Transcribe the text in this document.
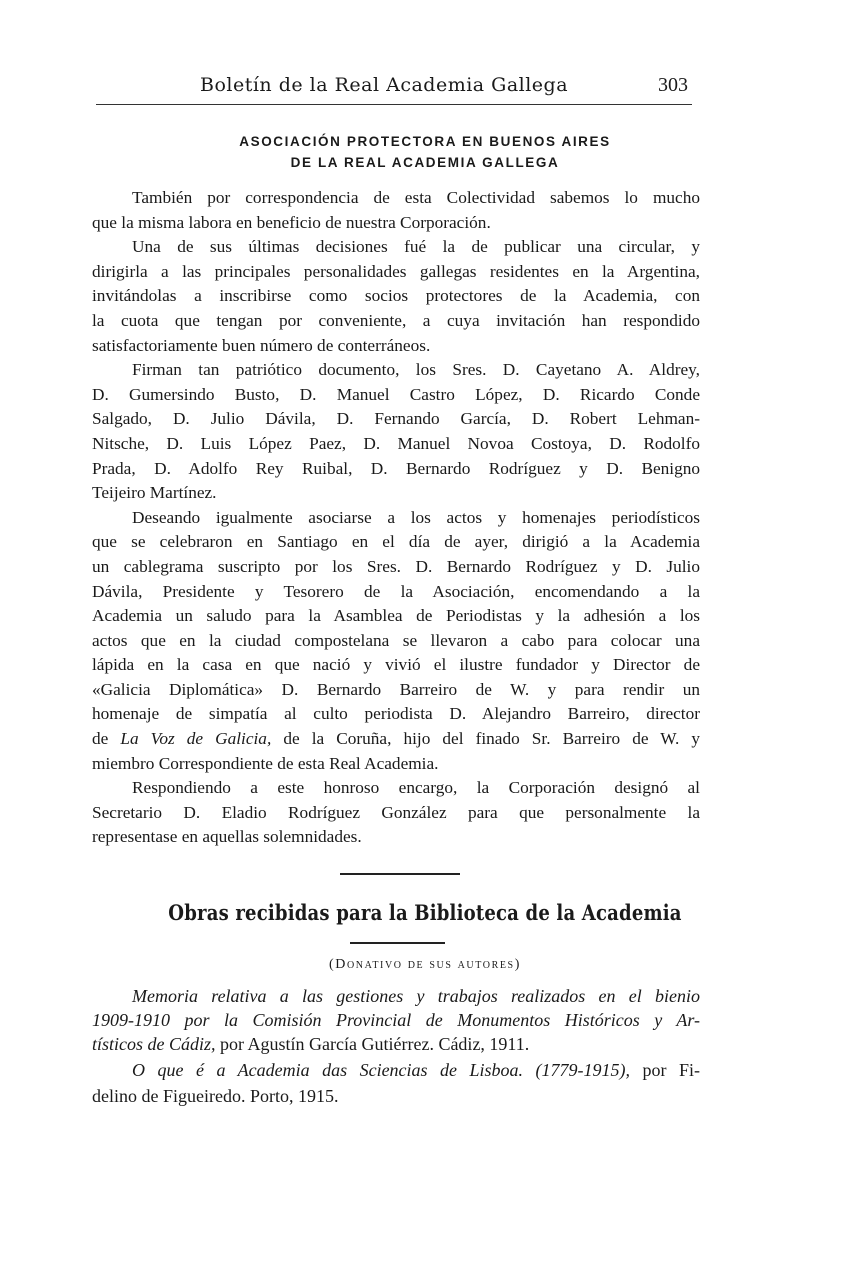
Boletín de la Real Academia Gallega	303
ASOCIACIÓN PROTECTORA EN BUENOS AIRES
DE LA REAL ACADEMIA GALLEGA
También por correspondencia de esta Colectividad sabemos lo mucho
que la misma labora en beneficio de nuestra Corporación.
Una de sus últimas decisiones fué la de publicar una circular, y
dirigirla a las principales personalidades gallegas residentes en la Argentina,
invitándolas a inscribirse como socios protectores de la Academia, con
la cuota que tengan por conveniente, a cuya invitación han respondido
satisfactoriamente buen número de conterráneos.
Firman tan patriótico documento, los Sres. D. Cayetano A. Aldrey,
D. Gumersindo Busto, D. Manuel Castro López, D. Ricardo Conde
Salgado, D. Julio Dávila, D. Fernando García, D. Robert Lehman-
Nitsche, D. Luis López Paez, D. Manuel Novoa Costoya, D. Rodolfo
Prada, D. Adolfo Rey Ruibal, D. Bernardo Rodríguez y D. Benigno
Teijeiro Martínez.
Deseando igualmente asociarse a los actos y homenajes periodísticos
que se celebraron en Santiago en el día de ayer, dirigió a la Academia
un cablegrama suscripto por los Sres. D. Bernardo Rodríguez y D. Julio
Dávila, Presidente y Tesorero de la Asociación, encomendando a la
Academia un saludo para la Asamblea de Periodistas y la adhesión a los
actos que en la ciudad compostelana se llevaron a cabo para colocar una
lápida en la casa en que nació y vivió el ilustre fundador y Director de
«Galicia Diplomática» D. Bernardo Barreiro de W. y para rendir un
homenaje de simpatía al culto periodista D. Alejandro Barreiro, director
de La Voz de Galicia, de la Coruña, hijo del finado Sr. Barreiro de W. y
miembro Correspondiente de esta Real Academia.
Respondiendo a este honroso encargo, la Corporación designó al
Secretario D. Eladio Rodríguez González para que personalmente la
representase en aquellas solemnidades.
Obras recibidas para la Biblioteca de la Academia
(Donativo de sus autores)
Memoria relativa a las gestiones y trabajos realizados en el bienio
1909-1910 por la Comisión Provincial de Monumentos Históricos y Ar-
tísticos de Cádiz, por Agustín García Gutiérrez. Cádiz, 1911.
O que é a Academia das Sciencias de Lisboa. (1779-1915), por Fi-
delino de Figueiredo. Porto, 1915.
